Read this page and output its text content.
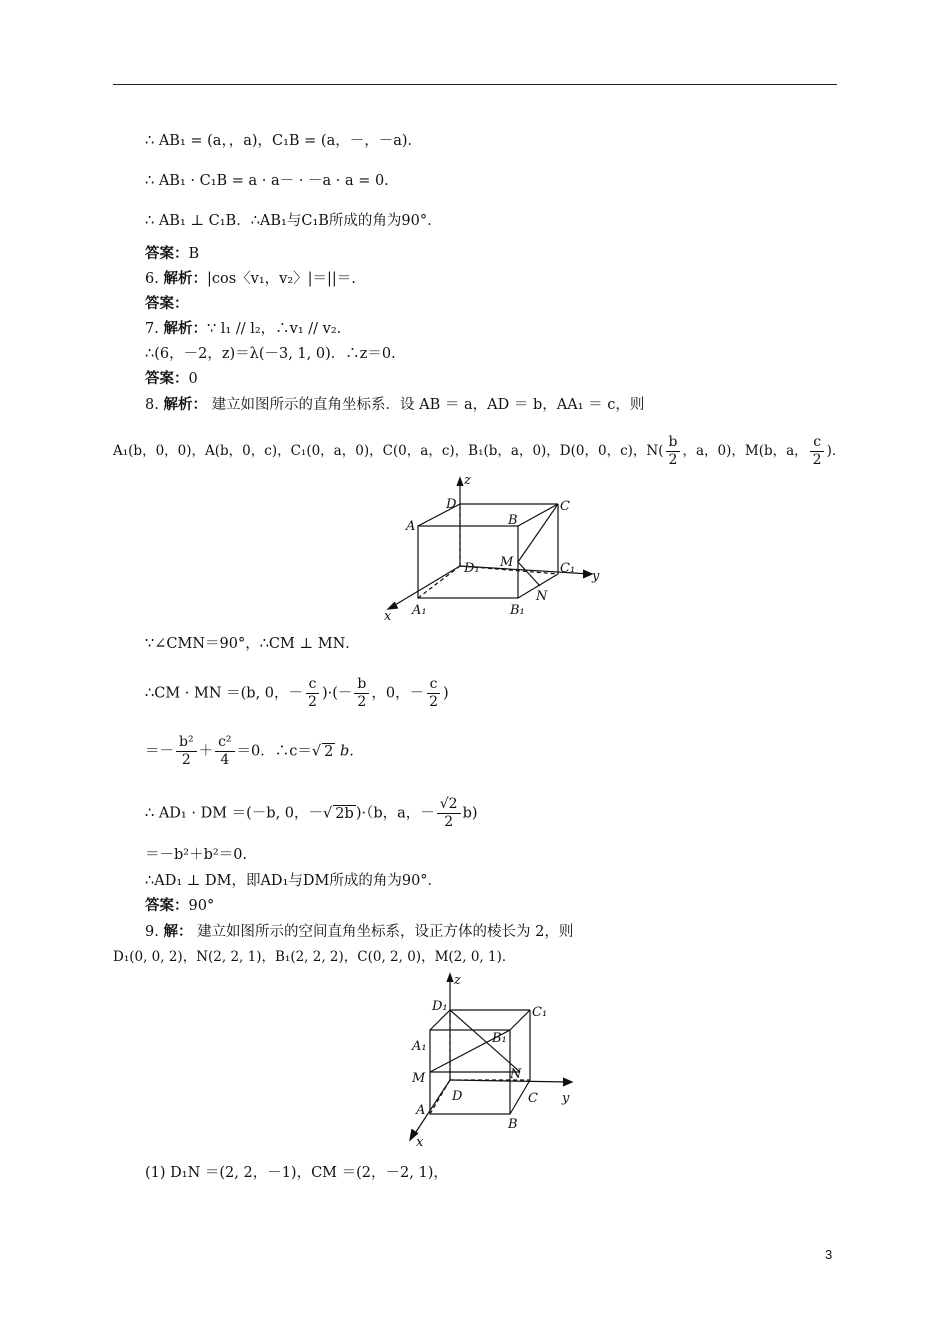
∴ AB₁ = (a，，a)，C₁B = (a，－，－a)．
∴ AB₁ · C₁B = a · a－ · －a · a = 0.
∴ AB₁ ⊥ C₁B．∴AB₁与C₁B所成的角为90°．
答案：B
6. 解析：|cos〈v₁，v₂〉|＝||＝.
答案：
7. 解析：∵ l₁ // l₂，∴v₁ // v₂.
∴(6，－2，z)＝λ(－3, 1, 0)．∴z＝0.
答案：0
8. 解析： 建立如图所示的直角坐标系．设 AB ＝ a，AD ＝ b，AA₁ ＝ c，则
A₁(b，0，0)，A(b，0，c)，C₁(0，a，0)，C(0，a，c)，B₁(b，a，0)，D(0，0，c)，$N( \frac{b}{2}$ ，a，0)，M(b，a， $\frac{c}{2}$ )．
z
y
x
D
A	B
C
M
D₁	C₁
N
A₁	B₁
∵∠CMN＝90°，∴CM ⊥ MN．
∴CM · MN ＝(b, 0，－ $\frac{c}{2}$ )·(－ $\frac{b}{2}$ ，0，－ $\frac{c}{2}$ )
＝－ $\frac{\text{b²}}{2} + \frac{\text{c²}}{4} =0$．∴c＝√ 2 b.
∴ AD₁ · DM ＝(－b, 0，－√ 2b )·（b，a，－ $\frac{√2}{2} b$)
＝－b²＋b²＝0.
∴AD₁ ⊥ DM，即AD₁与DM所成的角为90°．
答案：90°
9. 解： 建立如图所示的空间直角坐标系，设正方体的棱长为 2，则
D₁(0, 0, 2)，N(2, 2, 1)，B₁(2, 2, 2)，C(0, 2, 0)，M(2, 0, 1)．
z
y
x
D₁	C₁
B₁
A₁
M	N
D	C
A
B
(1) D₁N ＝(2, 2，－1)，CM ＝(2，－2, 1)，
3
